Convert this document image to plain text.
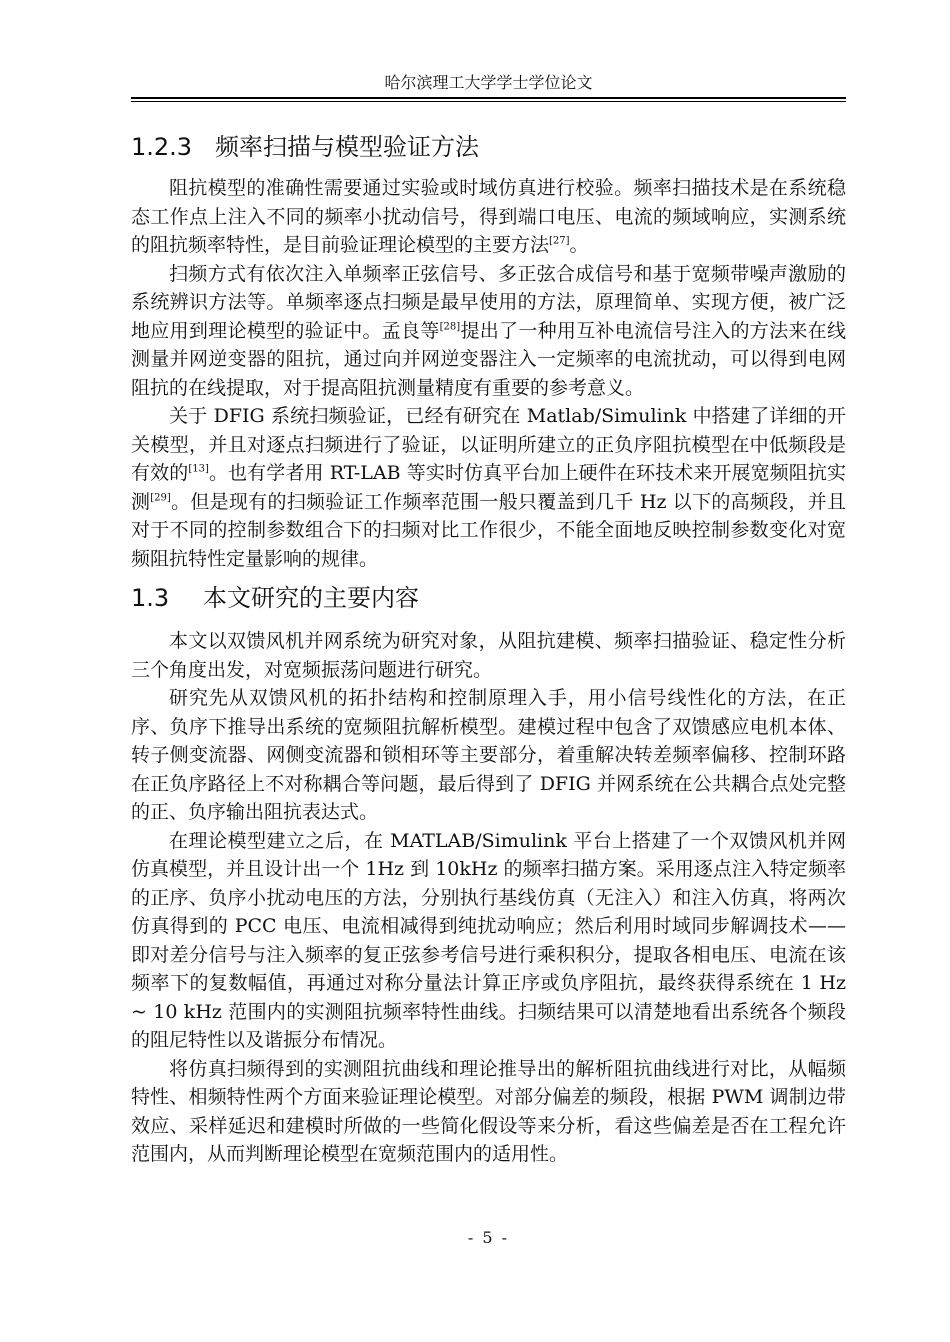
哈尔滨理工大学学士学位论文
1.2.3 频率扫描与模型验证方法

阻抗模型的准确性需要通过实验或时域仿真进行校验。频率扫描技术是在系统稳态工作点上注入不同的频率小扰动信号，得到端口电压、电流的频域响应，实测系统的阻抗频率特性，是目前验证理论模型的主要方法[27]。

扫频方式有依次注入单频率正弦信号、多正弦合成信号和基于宽频带噪声激励的系统辨识方法等。单频率逐点扫频是最早使用的方法，原理简单、实现方便，被广泛地应用到理论模型的验证中。孟良等[28]提出了一种用互补电流信号注入的方法来在线测量并网逆变器的阻抗，通过向并网逆变器注入一定频率的电流扰动，可以得到电网阻抗的在线提取，对于提高阻抗测量精度有重要的参考意义。

关于 DFIG 系统扫频验证，已经有研究在 Matlab/Simulink 中搭建了详细的开关模型，并且对逐点扫频进行了验证，以证明所建立的正负序阻抗模型在中低频段是有效的[13]。也有学者用 RT-LAB 等实时仿真平台加上硬件在环技术来开展宽频阻抗实测[29]。但是现有的扫频验证工作频率范围一般只覆盖到几千 Hz 以下的高频段，并且对于不同的控制参数组合下的扫频对比工作很少，不能全面地反映控制参数变化对宽频阻抗特性定量影响的规律。

1.3 本文研究的主要内容

本文以双馈风机并网系统为研究对象，从阻抗建模、频率扫描验证、稳定性分析三个角度出发，对宽频振荡问题进行研究。

研究先从双馈风机的拓扑结构和控制原理入手，用小信号线性化的方法，在正序、负序下推导出系统的宽频阻抗解析模型。建模过程中包含了双馈感应电机本体、转子侧变流器、网侧变流器和锁相环等主要部分，着重解决转差频率偏移、控制环路在正负序路径上不对称耦合等问题，最后得到了 DFIG 并网系统在公共耦合点处完整的正、负序输出阻抗表达式。

在理论模型建立之后，在 MATLAB/Simulink 平台上搭建了一个双馈风机并网仿真模型，并且设计出一个 1Hz 到 10kHz 的频率扫描方案。采用逐点注入特定频率的正序、负序小扰动电压的方法，分别执行基线仿真（无注入）和注入仿真，将两次仿真得到的 PCC 电压、电流相减得到纯扰动响应；然后利用时域同步解调技术——即对差分信号与注入频率的复正弦参考信号进行乘积积分，提取各相电压、电流在该频率下的复数幅值，再通过对称分量法计算正序或负序阻抗，最终获得系统在 1 Hz ~ 10 kHz 范围内的实测阻抗频率特性曲线。扫频结果可以清楚地看出系统各个频段的阻尼特性以及谐振分布情况。

将仿真扫频得到的实测阻抗曲线和理论推导出的解析阻抗曲线进行对比，从幅频特性、相频特性两个方面来验证理论模型。对部分偏差的频段，根据 PWM 调制边带效应、采样延迟和建模时所做的一些简化假设等来分析，看这些偏差是否在工程允许范围内，从而判断理论模型在宽频范围内的适用性。

- 5 -
